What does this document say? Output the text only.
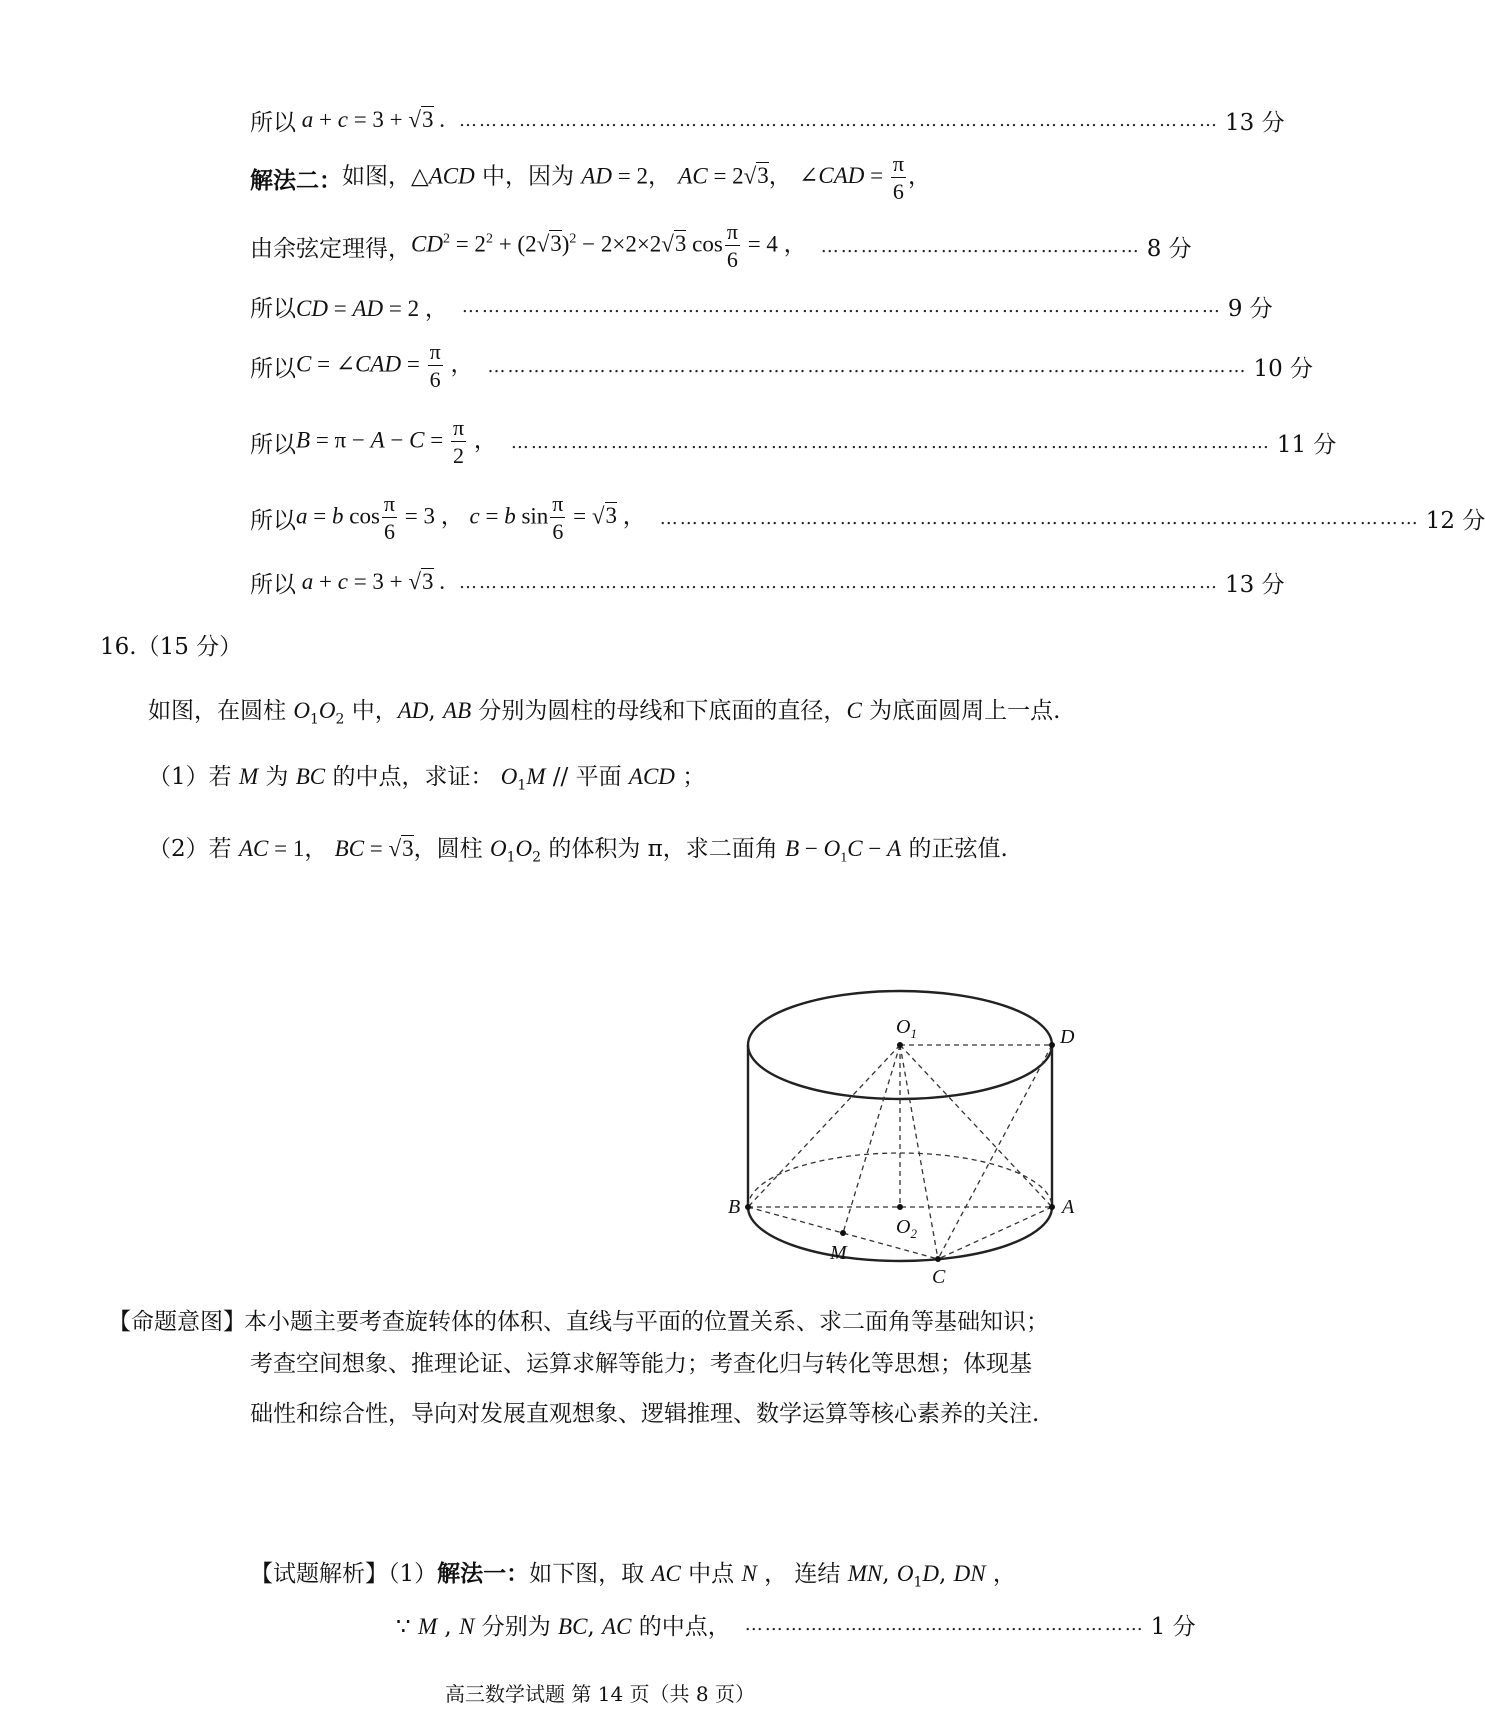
所以 a + c = 3 + √3 . …………………………………………………………………………………………………… 13 分
解法二： 如图，△ACD 中，因为 AD = 2， AC = 2√3， ∠CAD = $\frac{\pi}{6}$ ，
由余弦定理得， $CD^2 = 2^2 + (2√3)^2 - 2\times 2\times 2√3$ $\cos \frac{\pi}{6} = 4$ ， ………………………………………… 8 分
所以 CD = AD = 2 ， …………………………………………………………………………………………………… 9 分
所以 C = ∠CAD = $\frac{\pi}{6}$ ， …………………………………………………………………………………………………… 10 分
所以 $B = \pi - A - C = \frac{\pi}{2}$ ， …………………………………………………………………………………………………… 11 分
所以 a = b $\cos \frac{\pi}{6} = 3$ ， c = b $\sin \frac{\pi}{6} = √3$ ， …………………………………………………………………………………………………… 12 分
所以 a + c = 3 + √3 . …………………………………………………………………………………………………… 13 分
16.（15 分）
如图，在圆柱 $O_1O_2$ 中，AD, AB 分别为圆柱的母线和下底面的直径，C 为底面圆周上一点.
（1）若 M 为 BC 的中点，求证： $O_1M$ // 平面 ACD ；
（2）若 AC = 1， BC = √3，圆柱 $O_1O_2$ 的体积为 π，求二面角 $B - O_1C - A$ 的正弦值.
$O_1$	D
B	A
$O_2$
M
C
【命题意图】
本小题主要考查旋转体的体积、直线与平面的位置关系、求二面角等基础知识；
考查空间想象、推理论证、运算求解等能力；考查化归与转化等思想；体现基
础性和综合性，导向对发展直观想象、逻辑推理、数学运算等核心素养的关注.
【试题解析】（1）解法一：如下图，取 AC 中点 N ， 连结 MN, $O_1D$, DN ，
∵ M , N 分别为 BC, AC 的中点， …………………………………………………… 1 分
高三数学试题 第 14 页（共 8 页）
